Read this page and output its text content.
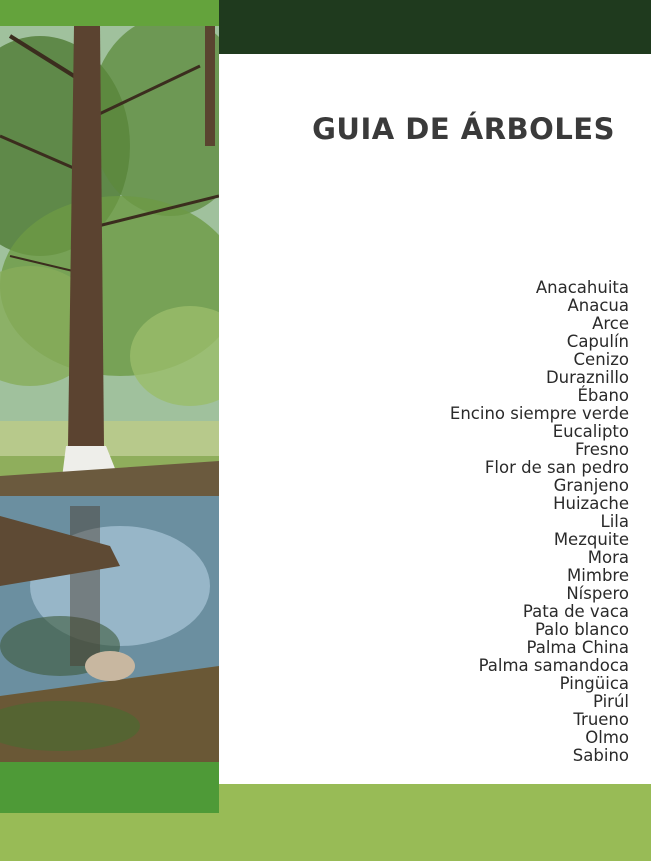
GUIA DE ÁRBOLES
Anacahuita
Anacua
Arce
Capulín
Cenizo
Duraznillo
Ébano
Encino siempre verde
Eucalipto
Fresno
Flor de san pedro
Granjeno
Huizache
Lila
Mezquite
Mora
Mimbre
Níspero
Pata de vaca
Palo blanco
Palma China
Palma samandoca
Pingüica
Pirúl
Trueno
Olmo
Sabino
